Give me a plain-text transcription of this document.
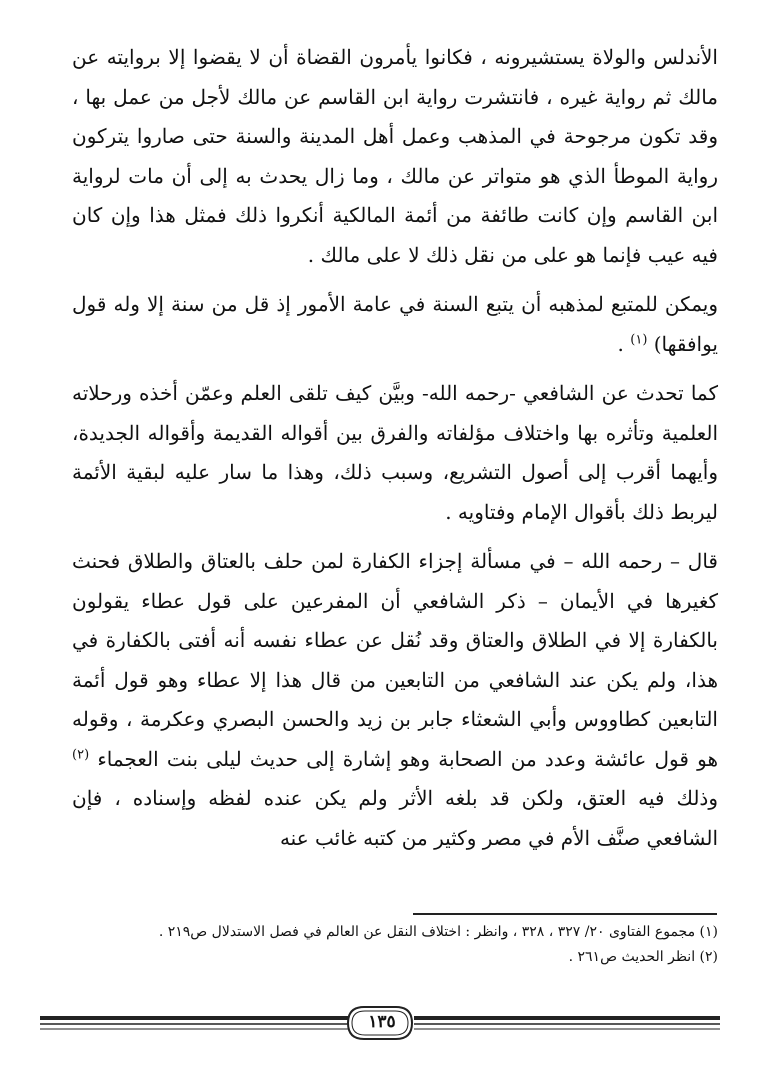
الأندلس والولاة يستشيرونه ، فكانوا يأمرون القضاة أن لا يقضوا إلا بروايته عن مالك ثم رواية غيره ، فانتشرت رواية ابن القاسم عن مالك لأجل من عمل بها ، وقد تكون مرجوحة في المذهب وعمل أهل المدينة والسنة حتى صاروا يتركون رواية الموطأ الذي هو متواتر عن مالك ، وما زال يحدث به إلى أن مات لرواية ابن القاسم وإن كانت طائفة من أئمة المالكية أنكروا ذلك فمثل هذا وإن كان فيه عيب فإنما هو على من نقل ذلك لا على مالك .

ويمكن للمتبع لمذهبه أن يتبع السنة في عامة الأمور إذ قل من سنة إلا وله قول يوافقها) $^{(١)}$ .

كما تحدث عن الشافعي -رحمه الله- وبيَّن كيف تلقى العلم وعمّن أخذه ورحلاته العلمية وتأثره بها واختلاف مؤلفاته والفرق بين أقواله القديمة وأقواله الجديدة، وأيهما أقرب إلى أصول التشريع، وسبب ذلك، وهذا ما سار عليه لبقية الأئمة ليربط ذلك بأقوال الإمام وفتاويه .

قال – رحمه الله – في مسألة إجزاء الكفارة لمن حلف بالعتاق والطلاق فحنث كغيرها في الأيمان – ذكر الشافعي أن المفرعين على قول عطاء يقولون بالكفارة إلا في الطلاق والعتاق وقد نُقل عن عطاء نفسه أنه أفتى بالكفارة في هذا، ولم يكن عند الشافعي من التابعين من قال هذا إلا عطاء وهو قول أئمة التابعين كطاووس وأبي الشعثاء جابر بن زيد والحسن البصري وعكرمة ، وقوله هو قول عائشة وعدد من الصحابة وهو إشارة إلى حديث ليلى بنت العجماء $^{(٢)}$ وذلك فيه العتق، ولكن قد بلغه الأثر ولم يكن عنده لفظه وإسناده ، فإن الشافعي صنَّف الأم في مصر وكثير من كتبه غائب عنه

(١) مجموع الفتاوى ٢٠/ ٣٢٧ ، ٣٢٨ ، وانظر : اختلاف النقل عن العالم في فصل الاستدلال ص٢١٩ .
(٢) انظر الحديث ص٢٦١ .
١٣٥
